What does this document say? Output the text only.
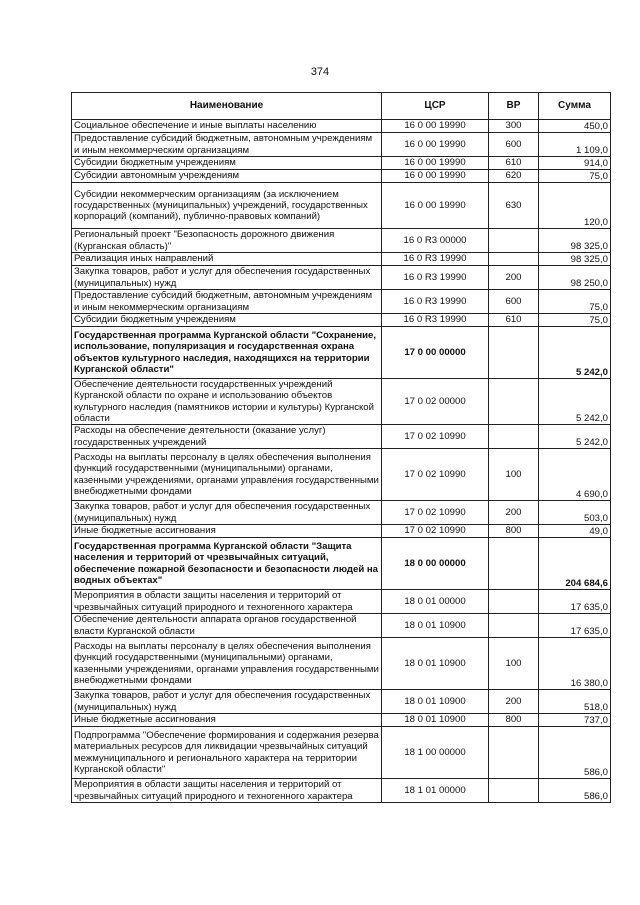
374
Наименование	ЦСР	ВР	Сумма
Социальное обеспечение и иные выплаты населению	16 0 00 19990	300	450,0
Предоставление субсидий бюджетным, автономным учреждениям и иным некоммерческим организациям	16 0 00 19990	600	1 109,0
Субсидии бюджетным учреждениям	16 0 00 19990	610	914,0
Субсидии автономным учреждениям	16 0 00 19990	620	75,0
Субсидии некоммерческим организациям (за исключением государственных (муниципальных) учреждений, государственных корпораций (компаний), публично-правовых компаний)	16 0 00 19990	630	120,0
Региональный проект "Безопасность дорожного движения (Курганская область)"	16 0 R3 00000		98 325,0
Реализация иных направлений	16 0 R3 19990		98 325,0
Закупка товаров, работ и услуг для обеспечения государственных (муниципальных) нужд	16 0 R3 19990	200	98 250,0
Предоставление субсидий бюджетным, автономным учреждениям и иным некоммерческим организациям	16 0 R3 19990	600	75,0
Субсидии бюджетным учреждениям	16 0 R3 19990	610	75,0
Государственная программа Курганской области "Сохранение, использование, популяризация и государственная охрана объектов культурного наследия, находящихся на территории Курганской области"	17 0 00 00000		5 242,0
Обеспечение деятельности государственных учреждений Курганской области по охране и использованию объектов культурного наследия (памятников истории и культуры) Курганской области	17 0 02 00000		5 242,0
Расходы на обеспечение деятельности (оказание услуг) государственных учреждений	17 0 02 10990		5 242,0
Расходы на выплаты персоналу в целях обеспечения выполнения функций государственными (муниципальными) органами, казенными учреждениями, органами управления государственными внебюджетными фондами	17 0 02 10990	100	4 690,0
Закупка товаров, работ и услуг для обеспечения государственных (муниципальных) нужд	17 0 02 10990	200	503,0
Иные бюджетные ассигнования	17 0 02 10990	800	49,0
Государственная программа Курганской области "Защита населения и территорий от чрезвычайных ситуаций, обеспечение пожарной безопасности и безопасности людей на водных объектах"	18 0 00 00000		204 684,6
Мероприятия в области защиты населения и территорий от чрезвычайных ситуаций природного и техногенного характера	18 0 01 00000		17 635,0
Обеспечение деятельности аппарата органов государственной власти Курганской области	18 0 01 10900		17 635,0
Расходы на выплаты персоналу в целях обеспечения выполнения функций государственными (муниципальными) органами, казенными учреждениями, органами управления государственными внебюджетными фондами	18 0 01 10900	100	16 380,0
Закупка товаров, работ и услуг для обеспечения государственных (муниципальных) нужд	18 0 01 10900	200	518,0
Иные бюджетные ассигнования	18 0 01 10900	800	737,0
Подпрограмма "Обеспечение формирования и содержания резерва материальных ресурсов для ликвидации чрезвычайных ситуаций межмуниципального и регионального характера на территории Курганской области"	18 1 00 00000		586,0
Мероприятия в области защиты населения и территорий от чрезвычайных ситуаций природного и техногенного характера	18 1 01 00000		586,0
